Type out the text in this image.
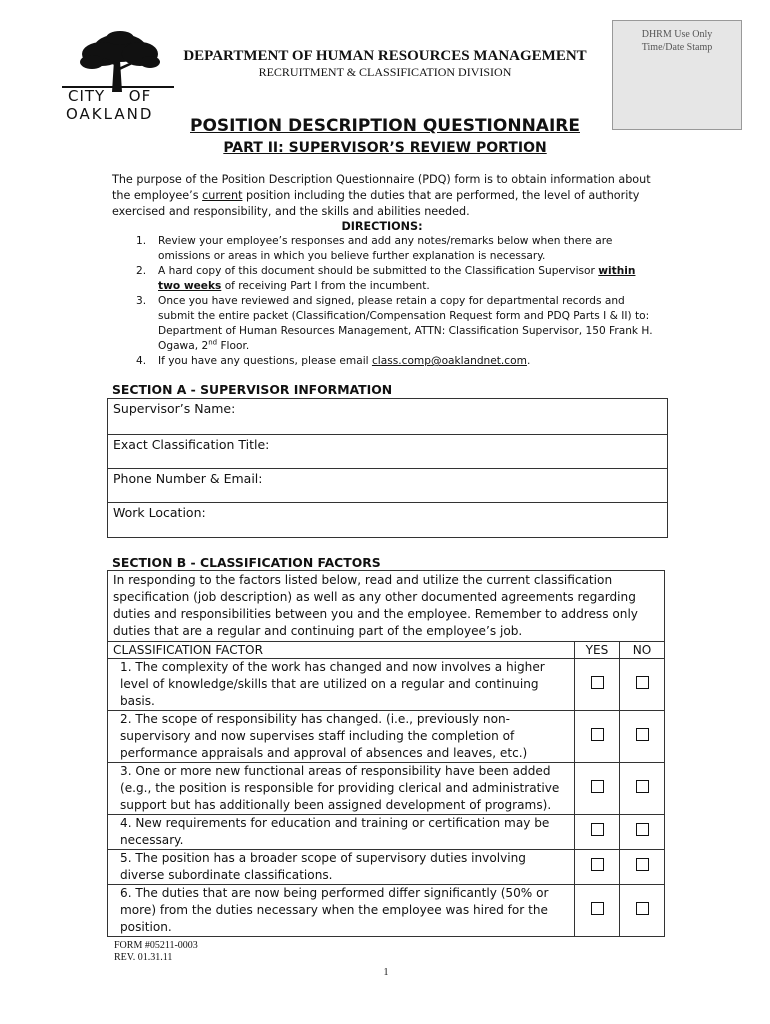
DHRM Use Only
Time/Date Stamp
CITY OF
OAKLAND
DEPARTMENT OF HUMAN RESOURCES MANAGEMENT
RECRUITMENT & CLASSIFICATION DIVISION
POSITION DESCRIPTION QUESTIONNAIRE
PART II: SUPERVISOR’S REVIEW PORTION
The purpose of the Position Description Questionnaire (PDQ) form is to obtain information about the employee’s current position including the duties that are performed, the level of authority exercised and responsibility, and the skills and abilities needed.
DIRECTIONS:
1. Review your employee’s responses and add any notes/remarks below when there are omissions or areas in which you believe further explanation is necessary.
2. A hard copy of this document should be submitted to the Classification Supervisor within two weeks of receiving Part I from the incumbent.
3. Once you have reviewed and signed, please retain a copy for departmental records and submit the entire packet (Classification/Compensation Request form and PDQ Parts I & II) to: Department of Human Resources Management, ATTN: Classification Supervisor, 150 Frank H. Ogawa, 2nd Floor.
4. If you have any questions, please email class.comp@oaklandnet.com.
SECTION A - SUPERVISOR INFORMATION
Supervisor’s Name:
Exact Classification Title:
Phone Number & Email:
Work Location:
SECTION B - CLASSIFICATION FACTORS
In responding to the factors listed below, read and utilize the current classification specification (job description) as well as any other documented agreements regarding duties and responsibilities between you and the employee. Remember to address only duties that are a regular and continuing part of the employee’s job.		
CLASSIFICATION FACTOR	YES	NO
1. The complexity of the work has changed and now involves a higher level of knowledge/skills that are utilized on a regular and continuing basis.		
2. The scope of responsibility has changed. (i.e., previously non-supervisory and now supervises staff including the completion of performance appraisals and approval of absences and leaves, etc.)		
3. One or more new functional areas of responsibility have been added (e.g., the position is responsible for providing clerical and administrative support but has additionally been assigned development of programs).		
4. New requirements for education and training or certification may be necessary.		
5. The position has a broader scope of supervisory duties involving diverse subordinate classifications.		
6. The duties that are now being performed differ significantly (50% or more) from the duties necessary when the employee was hired for the position.		
FORM #05211-0003
REV. 01.31.11
1
